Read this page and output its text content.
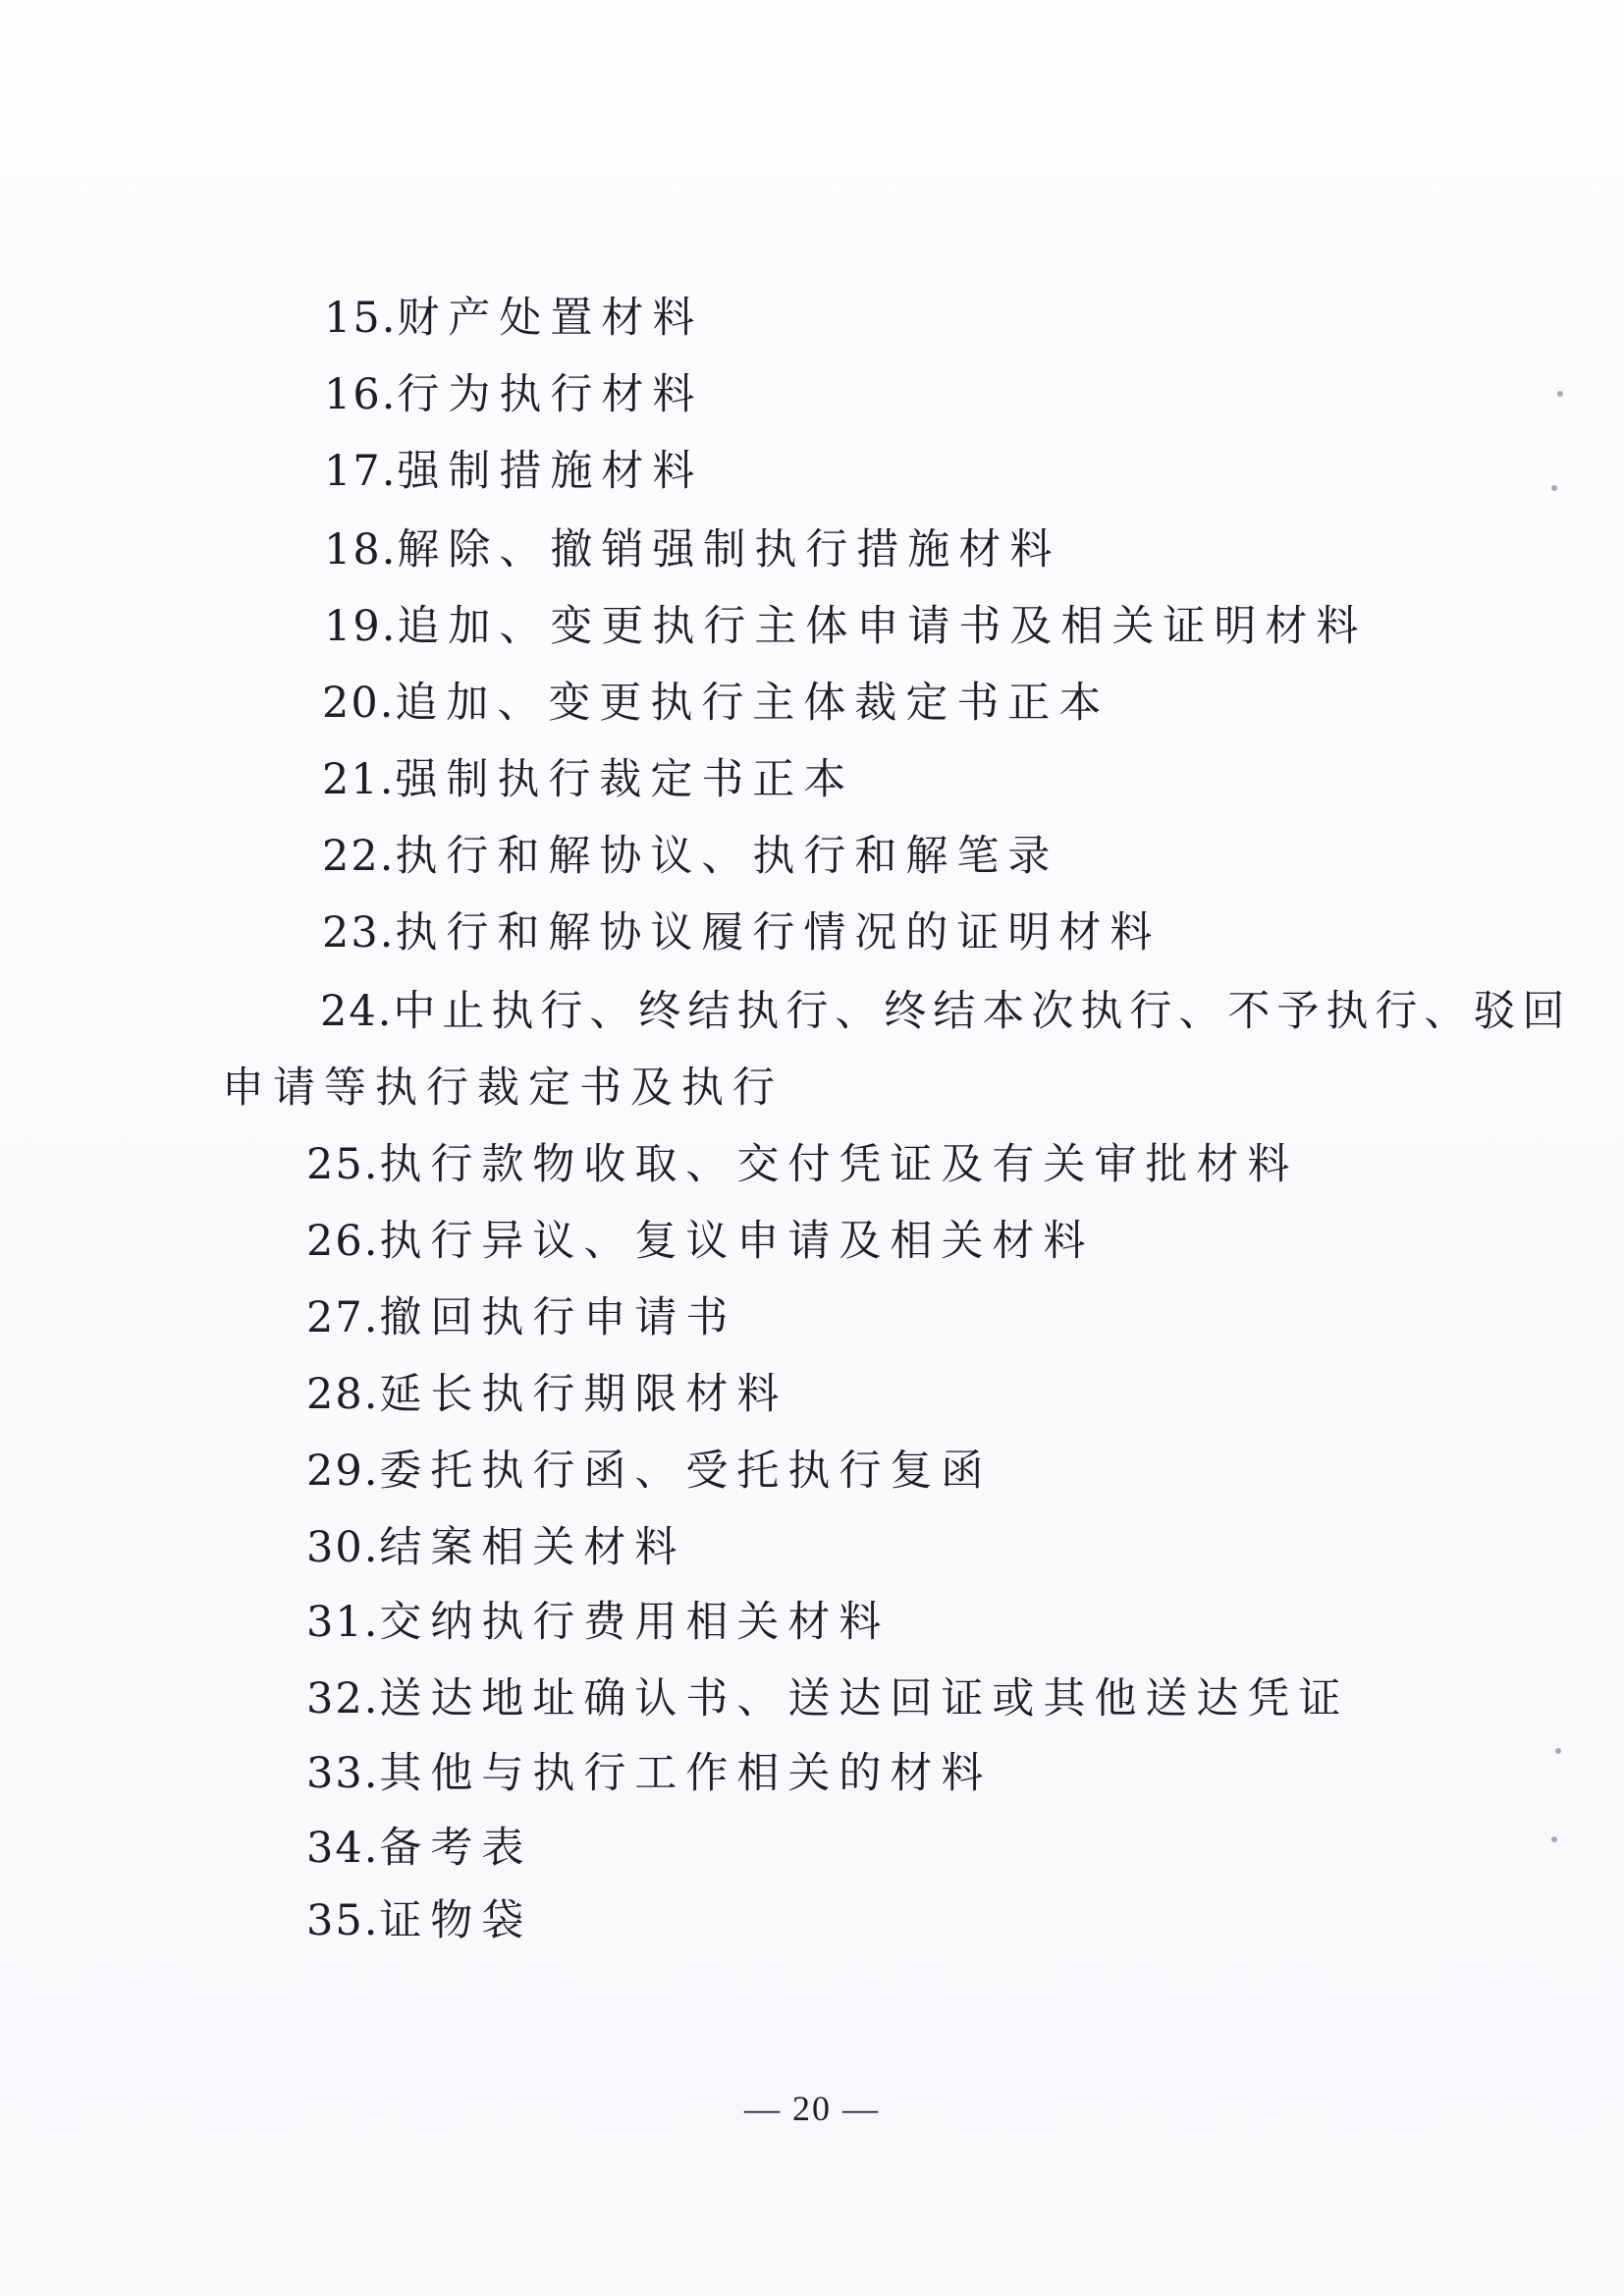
15.财产处置材料
16.行为执行材料
17.强制措施材料
18.解除、撤销强制执行措施材料
19.追加、变更执行主体申请书及相关证明材料
20.追加、变更执行主体裁定书正本
21.强制执行裁定书正本
22.执行和解协议、执行和解笔录
23.执行和解协议履行情况的证明材料
24.中止执行、终结执行、终结本次执行、不予执行、驳回
申请等执行裁定书及执行
25.执行款物收取、交付凭证及有关审批材料
26.执行异议、复议申请及相关材料
27.撤回执行申请书
28.延长执行期限材料
29.委托执行函、受托执行复函
30.结案相关材料
31.交纳执行费用相关材料
32.送达地址确认书、送达回证或其他送达凭证
33.其他与执行工作相关的材料
34.备考表
35.证物袋
— 20 —
